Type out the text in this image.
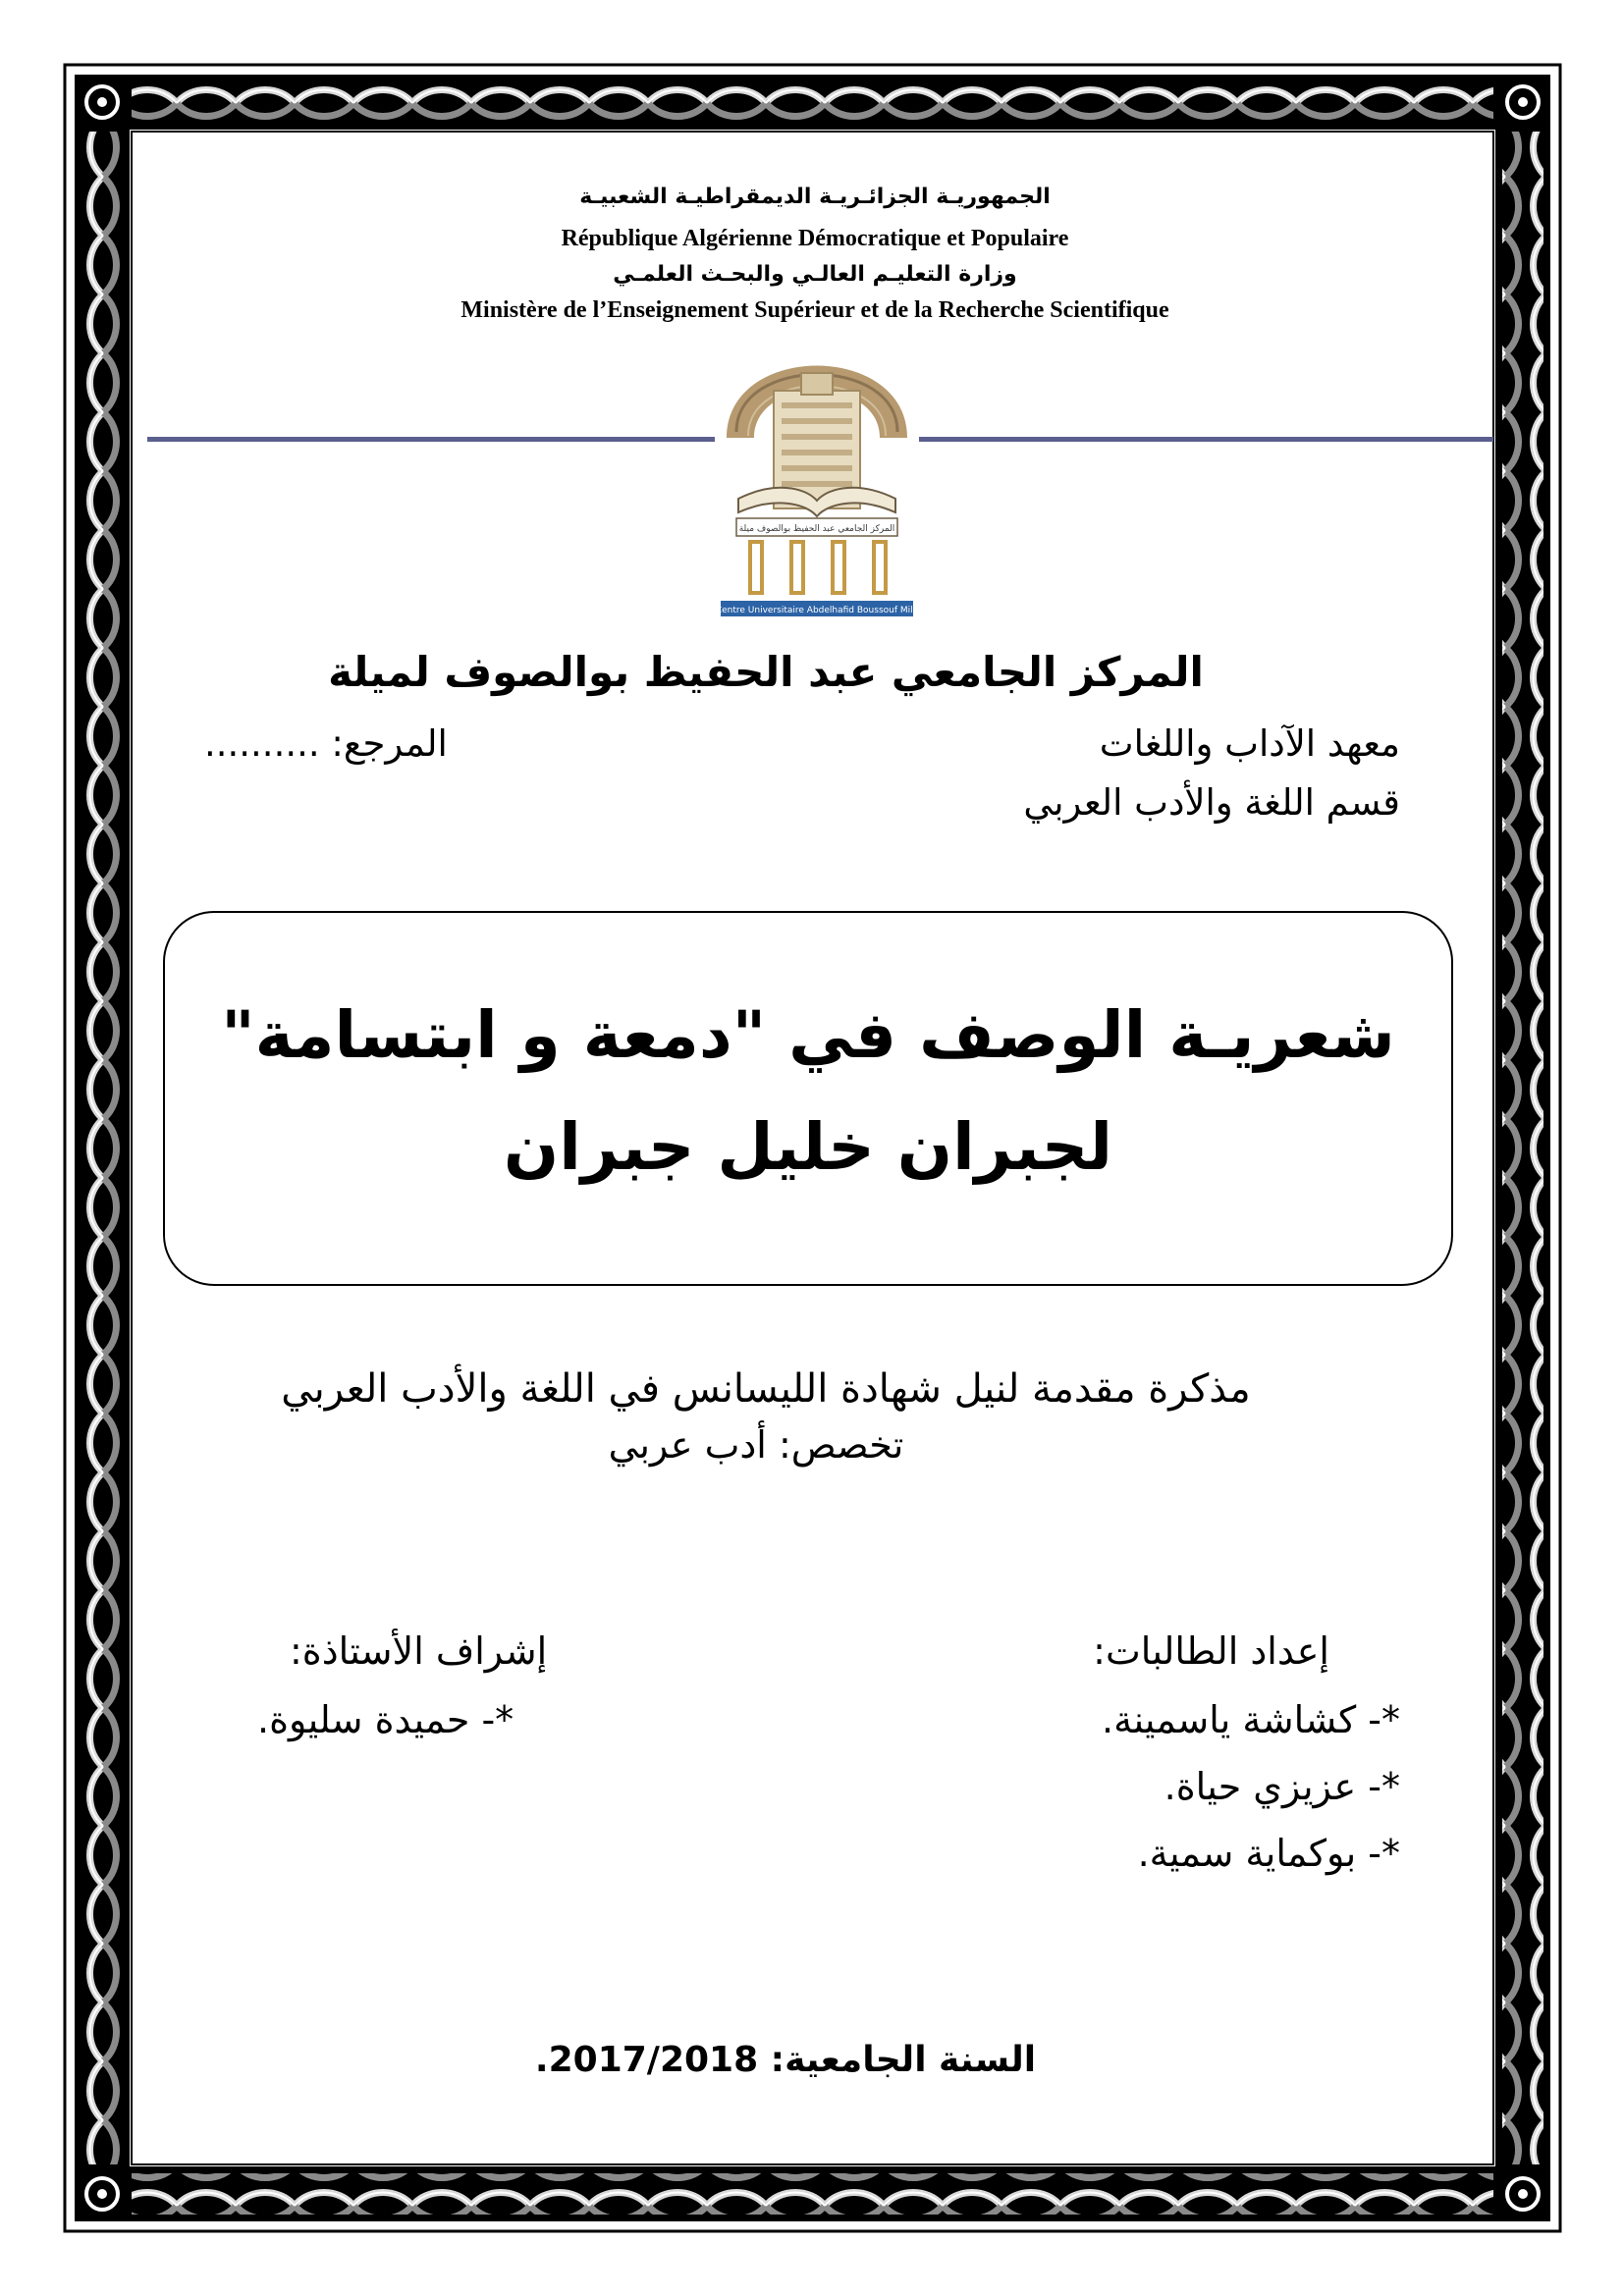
الجمهوريـة الجزائـريـة الديمقراطيـة الشعبيـة
République Algérienne Démocratique et Populaire
وزارة التعليـم العالـي والبحـث العلمـي
Ministère de l’Enseignement Supérieur et de la Recherche Scientifique
المركز الجامعي عبد الحفيظ بوالصوف ميلة
Centre Universitaire Abdelhafid Boussouf Mila
المركز الجامعي عبد الحفيظ بوالصوف لميلة
معهد الآداب واللغات
المرجع: ..........
قسم اللغة والأدب العربي
شعريـة الوصف في "دمعة و ابتسامة"
لجبران خليل جبران
مذكرة مقدمة لنيل شهادة الليسانس في اللغة والأدب العربي
تخصص: أدب عربي
إعداد الطالبات:
*- كشاشة ياسمينة.
*- عزيزي حياة.
*- بوكماية سمية.
إشراف الأستاذة:
*- حميدة سليوة.
السنة الجامعية: 2017/2018.
